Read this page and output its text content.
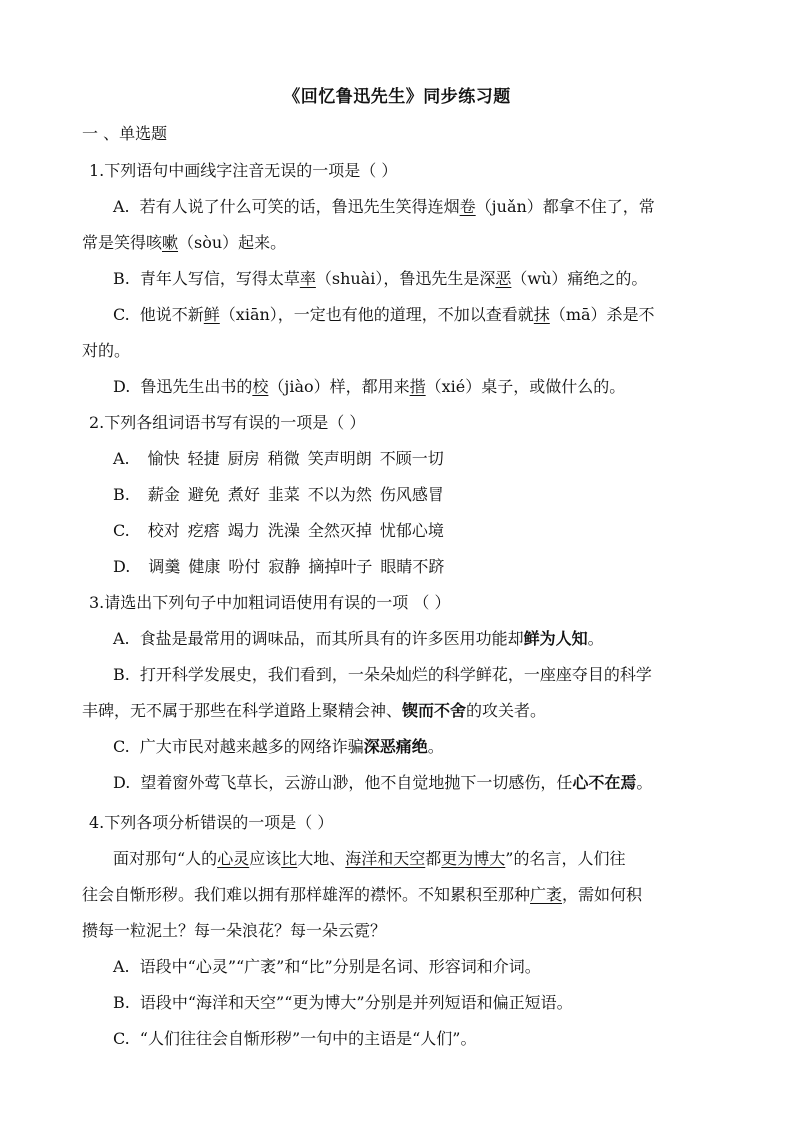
《回忆鲁迅先生》同步练习题
一 、单选题
1.下列语句中画线字注音无误的一项是（ ）
A. 若有人说了什么可笑的话，鲁迅先生笑得连烟卷（juǎn）都拿不住了，常
常是笑得咳嗽（sòu）起来。
B. 青年人写信，写得太草率（shuài），鲁迅先生是深恶（wù）痛绝之的。
C. 他说不新鲜（xiān），一定也有他的道理，不加以查看就抹（mā）杀是不
对的。
D. 鲁迅先生出书的校（jiào）样，都用来揩（xié）桌子，或做什么的。
2.下列各组词语书写有误的一项是（ ）
A. 愉快 轻捷 厨房 稍微 笑声明朗 不顾一切
B. 薪金 避免 煮好 韭菜 不以为然 伤风感冒
C. 校对 疙瘩 竭力 洗澡 全然灭掉 忧郁心境
D. 调羹 健康 吩付 寂静 摘掉叶子 眼睛不跻
3.请选出下列句子中加粗词语使用有误的一项 （ ）
A. 食盐是最常用的调味品，而其所具有的许多医用功能却鲜为人知。
B. 打开科学发展史，我们看到，一朵朵灿烂的科学鲜花，一座座夺目的科学
丰碑，无不属于那些在科学道路上聚精会神、锲而不舍的攻关者。
C. 广大市民对越来越多的网络诈骗深恶痛绝。
D. 望着窗外莺飞草长，云游山渺，他不自觉地抛下一切感伤，任心不在焉。
4.下列各项分析错误的一项是（ ）
面对那句“人的心灵应该比大地、海洋和天空都更为博大”的名言，人们往
往会自惭形秽。我们难以拥有那样雄浑的襟怀。不知累积至那种广袤，需如何积
攒每一粒泥土？每一朵浪花？每一朵云霓？
A. 语段中“心灵”“广袤”和“比”分别是名词、形容词和介词。
B. 语段中“海洋和天空”“更为博大”分别是并列短语和偏正短语。
C. “人们往往会自惭形秽”一句中的主语是“人们”。
